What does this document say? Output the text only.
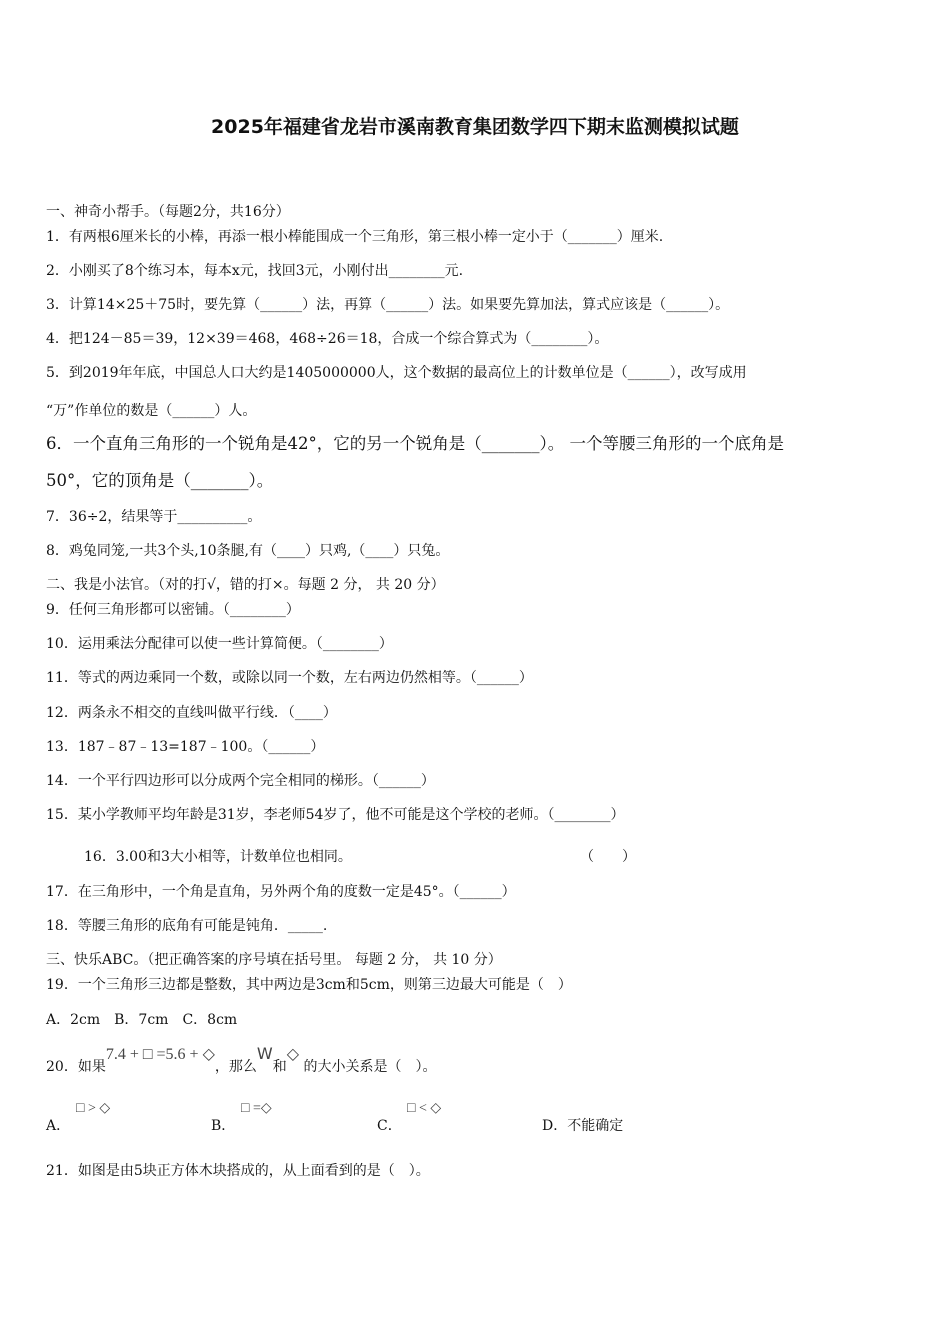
2025年福建省龙岩市溪南教育集团数学四下期末监测模拟试题
一、神奇小帮手。（每题2分，共16分）
1．有两根6厘米长的小棒，再添一根小棒能围成一个三角形，第三根小棒一定小于（_______）厘米.
2．小刚买了8个练习本，每本x元，找回3元，小刚付出________元.
3．计算14×25＋75时，要先算（______）法，再算（______）法。如果要先算加法，算式应该是（______）。
4．把124－85＝39，12×39＝468，468÷26＝18，合成一个综合算式为（________）。
5．到2019年年底，中国总人口大约是1405000000人，这个数据的最高位上的计数单位是（______），改写成用
“万”作单位的数是（______）人。
6．一个直角三角形的一个锐角是42°，它的另一个锐角是（_______）。 一个等腰三角形的一个底角是
50°，它的顶角是（_______）。
7．36÷2，结果等于__________。
8．鸡兔同笼,一共3个头,10条腿,有（____）只鸡,（____）只兔。
二、我是小法官。（对的打√，错的打×。每题 2 分， 共 20 分）
9．任何三角形都可以密铺。（________）
10．运用乘法分配律可以使一些计算简便。（________）
11．等式的两边乘同一个数，或除以同一个数，左右两边仍然相等。（______）
12．两条永不相交的直线叫做平行线．（____）
13．187﹣87﹣13=187﹣100。（______）
14．一个平行四边形可以分成两个完全相同的梯形。（______）
15．某小学教师平均年龄是31岁，李老师54岁了，他不可能是这个学校的老师。（________）
16．3.00和3大小相等，计数单位也相同。	（　　）
17．在三角形中，一个角是直角，另外两个角的度数一定是45°。（______）
18．等腰三角形的底角有可能是钝角．_____.
三、快乐ABC。（把正确答案的序号填在括号里。 每题 2 分， 共 10 分）
19．一个三角形三边都是整数，其中两边是3cm和5cm，则第三边最大可能是（　）
A．2cm　B．7cm　C．8cm
20．如果7.4 + □ =5.6 + ◇，那么W和◇ 的大小关系是（　）。
A．
□ > ◇
B．
□ =◇
C．
□ < ◇
D．不能确定
21．如图是由5块正方体木块搭成的，从上面看到的是（　）。
